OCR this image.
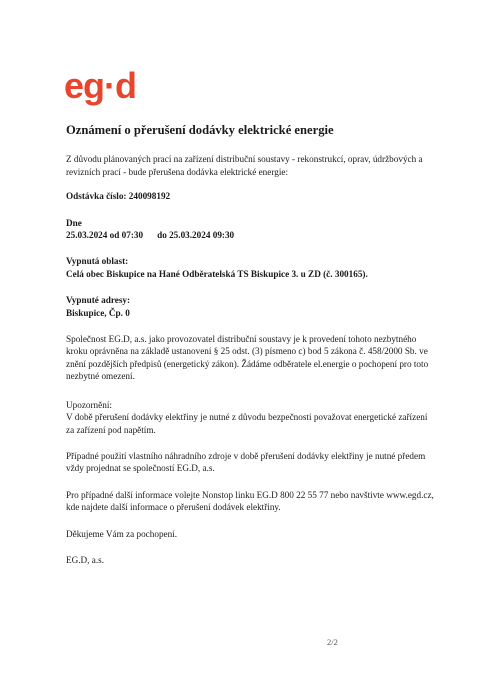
eg·d
Oznámení o přerušení dodávky elektrické energie

Z důvodu plánovaných prací na zařízení distribuční soustavy - rekonstrukcí, oprav, údržbových a revizních prací - bude přerušena dodávka elektrické energie:

Odstávka číslo: 240098192

Dne

25.03.2024 od 07:30 do 25.03.2024 09:30

Vypnutá oblast:

Celá obec Biskupice na Hané Odběratelská TS Biskupice 3. u ZD (č. 300165).

Vypnuté adresy:

Biskupice, Čp. 0

Společnost EG.D, a.s. jako provozovatel distribuční soustavy je k provedení tohoto nezbytného kroku oprávněna na základě ustanovení § 25 odst. (3) písmeno c) bod 5 zákona č. 458/2000 Sb. ve znění pozdějších předpisů (energetický zákon). Žádáme odběratele el.energie o pochopení pro toto nezbytné omezení.

Upozornění:

V době přerušení dodávky elektřiny je nutné z důvodu bezpečnosti považovat energetické zařízení za zařízení pod napětím.

Případné použití vlastního náhradního zdroje v době přerušení dodávky elektřiny je nutné předem vždy projednat se společností EG.D, a.s.

Pro případné další informace volejte Nonstop linku EG.D 800 22 55 77 nebo navštivte www.egd.cz, kde najdete další informace o přerušení dodávek elektřiny.

Děkujeme Vám za pochopení.

EG.D, a.s.

2/2
